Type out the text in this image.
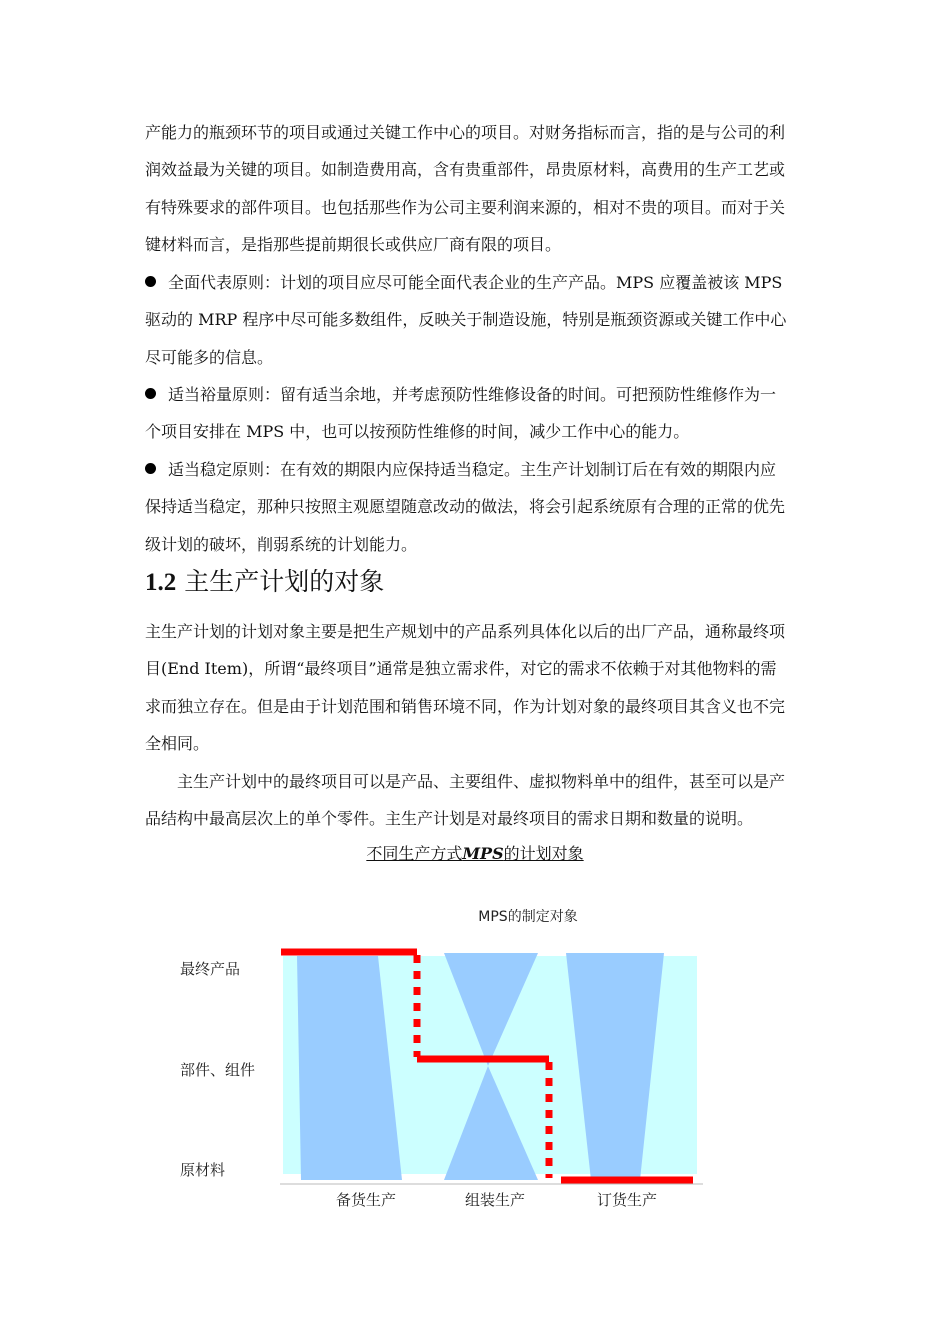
产能力的瓶颈环节的项目或通过关键工作中心的项目。对财务指标而言，指的是与公司的利
润效益最为关键的项目。如制造费用高，含有贵重部件，昂贵原材料，高费用的生产工艺或
有特殊要求的部件项目。也包括那些作为公司主要利润来源的，相对不贵的项目。而对于关
键材料而言，是指那些提前期很长或供应厂商有限的项目。
全面代表原则：计划的项目应尽可能全面代表企业的生产产品。MPS 应覆盖被该 MPS
驱动的 MRP 程序中尽可能多数组件，反映关于制造设施，特别是瓶颈资源或关键工作中心
尽可能多的信息。
适当裕量原则：留有适当余地，并考虑预防性维修设备的时间。可把预防性维修作为一
个项目安排在 MPS 中，也可以按预防性维修的时间，减少工作中心的能力。
适当稳定原则：在有效的期限内应保持适当稳定。主生产计划制订后在有效的期限内应
保持适当稳定，那种只按照主观愿望随意改动的做法，将会引起系统原有合理的正常的优先
级计划的破坏，削弱系统的计划能力。
1.2 主生产计划的对象
主生产计划的计划对象主要是把生产规划中的产品系列具体化以后的出厂产品，通称最终项
目(End Item)，所谓“最终项目”通常是独立需求件，对它的需求不依赖于对其他物料的需
求而独立存在。但是由于计划范围和销售环境不同，作为计划对象的最终项目其含义也不完
全相同。
主生产计划中的最终项目可以是产品、主要组件、虚拟物料单中的组件，甚至可以是产
品结构中最高层次上的单个零件。主生产计划是对最终项目的需求日期和数量的说明。
不同生产方式MPS的计划对象
MPS的制定对象
最终产品
部件、组件
原材料
备货生产	组装生产	订货生产
